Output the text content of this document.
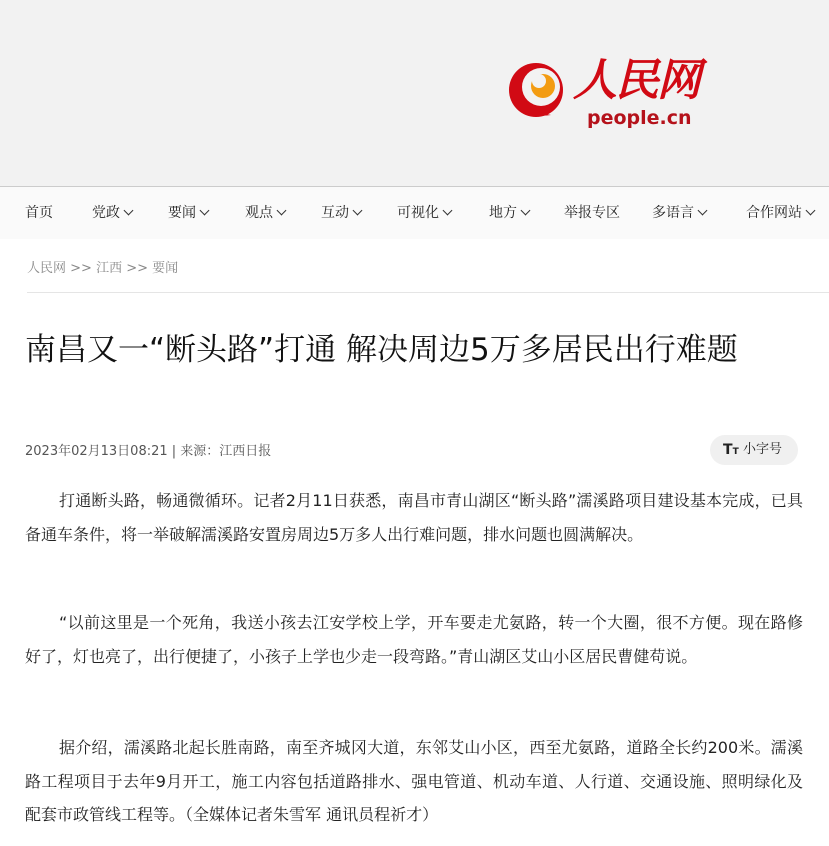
人民网
people.cn
首页	党政	要闻	观点	互动	可视化	地方	举报专区 多语言	合作网站
人民网 >> 江西 >> 要闻
南昌又一“断头路”打通 解决周边5万多居民出行难题
2023年02月13日08:21 | 来源：江西日报	TT 小字号

打通断头路，畅通微循环。记者2月11日获悉，南昌市青山湖区“断头路”濡溪路项目建设基本完成，已具备通车条件，将一举破解濡溪路安置房周边5万多人出行难问题，排水问题也圆满解决。

“以前这里是一个死角，我送小孩去江安学校上学，开车要走尤氨路，转一个大圈，很不方便。现在路修好了，灯也亮了，出行便捷了，小孩子上学也少走一段弯路。”青山湖区艾山小区居民曹健苟说。

据介绍，濡溪路北起长胜南路，南至齐城冈大道，东邻艾山小区，西至尤氨路，道路全长约200米。濡溪路工程项目于去年9月开工，施工内容包括道路排水、强电管道、机动车道、人行道、交通设施、照明绿化及配套市政管线工程等。（全媒体记者朱雪军 通讯员程祈才）
